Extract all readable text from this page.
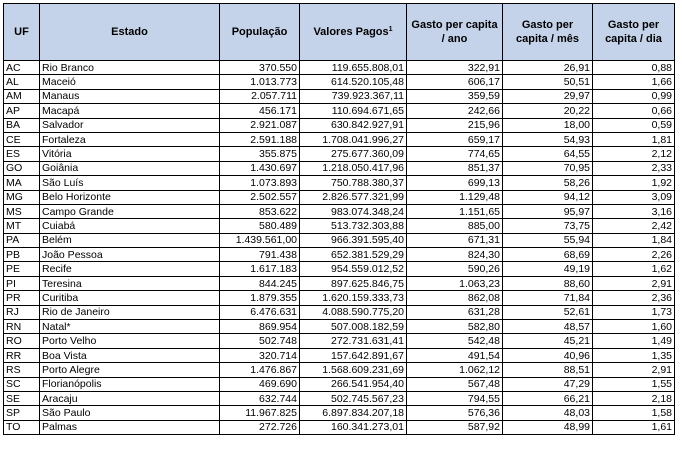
UF	Estado	População	Valores Pagos$^1$	Gasto per capita / ano	Gasto per capita / mês	Gasto per capita / dia
AC	Rio Branco	370.550	119.655.808,01	322,91	26,91	0,88
AL	Maceió	1.013.773	614.520.105,48	606,17	50,51	1,66
AM	Manaus	2.057.711	739.923.367,11	359,59	29,97	0,99
AP	Macapá	456.171	110.694.671,65	242,66	20,22	0,66
BA	Salvador	2.921.087	630.842.927,91	215,96	18,00	0,59
CE	Fortaleza	2.591.188	1.708.041.996,27	659,17	54,93	1,81
ES	Vitória	355.875	275.677.360,09	774,65	64,55	2,12
GO	Goiânia	1.430.697	1.218.050.417,96	851,37	70,95	2,33
MA	São Luís	1.073.893	750.788.380,37	699,13	58,26	1,92
MG	Belo Horizonte	2.502.557	2.826.577.321,99	1.129,48	94,12	3,09
MS	Campo Grande	853.622	983.074.348,24	1.151,65	95,97	3,16
MT	Cuiabá	580.489	513.732.303,88	885,00	73,75	2,42
PA	Belém	1.439.561,00	966.391.595,40	671,31	55,94	1,84
PB	João Pessoa	791.438	652.381.529,29	824,30	68,69	2,26
PE	Recife	1.617.183	954.559.012,52	590,26	49,19	1,62
PI	Teresina	844.245	897.625.846,75	1.063,23	88,60	2,91
PR	Curitiba	1.879.355	1.620.159.333,73	862,08	71,84	2,36
RJ	Rio de Janeiro	6.476.631	4.088.590.775,20	631,28	52,61	1,73
RN	Natal*	869.954	507.008.182,59	582,80	48,57	1,60
RO	Porto Velho	502.748	272.731.631,41	542,48	45,21	1,49
RR	Boa Vista	320.714	157.642.891,67	491,54	40,96	1,35
RS	Porto Alegre	1.476.867	1.568.609.231,69	1.062,12	88,51	2,91
SC	Florianópolis	469.690	266.541.954,40	567,48	47,29	1,55
SE	Aracaju	632.744	502.745.567,23	794,55	66,21	2,18
SP	São Paulo	11.967.825	6.897.834.207,18	576,36	48,03	1,58
TO	Palmas	272.726	160.341.273,01	587,92	48,99	1,61
